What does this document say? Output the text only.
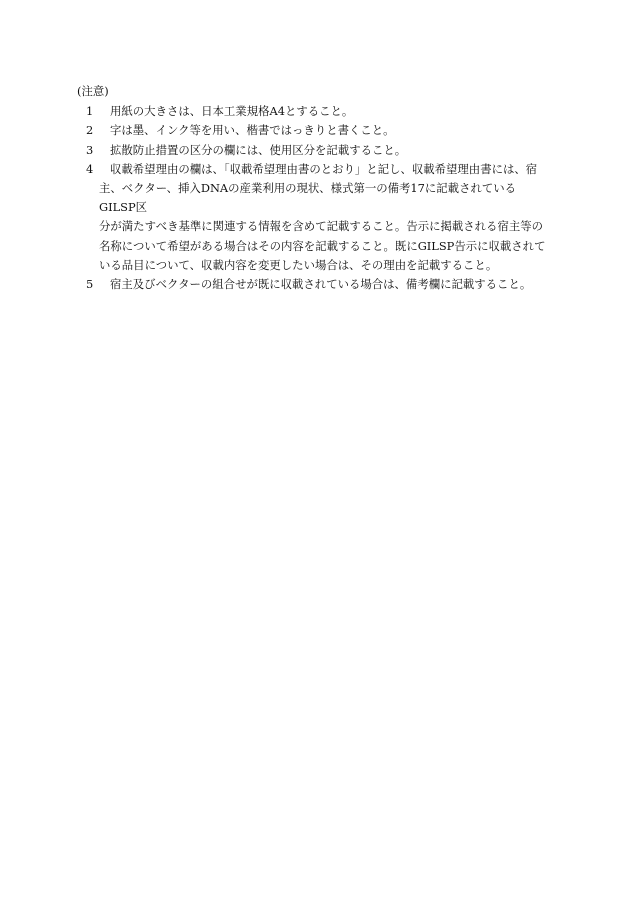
(注意)
1	用紙の大きさは、日本工業規格A4とすること。
2	字は墨、インク等を用い、楷書ではっきりと書くこと。
3	拡散防止措置の区分の欄には、使用区分を記載すること。
4	収載希望理由の欄は、「収載希望理由書のとおり」と記し、収載希望理由書には、宿
主、ベクター、挿入DNAの産業利用の現状、様式第一の備考17に記載されているGILSP区
分が満たすべき基準に関連する情報を含めて記載すること。告示に掲載される宿主等の
名称について希望がある場合はその内容を記載すること。既にGILSP告示に収載されて
いる品目について、収載内容を変更したい場合は、その理由を記載すること。
5	宿主及びベクターの組合せが既に収載されている場合は、備考欄に記載すること。
